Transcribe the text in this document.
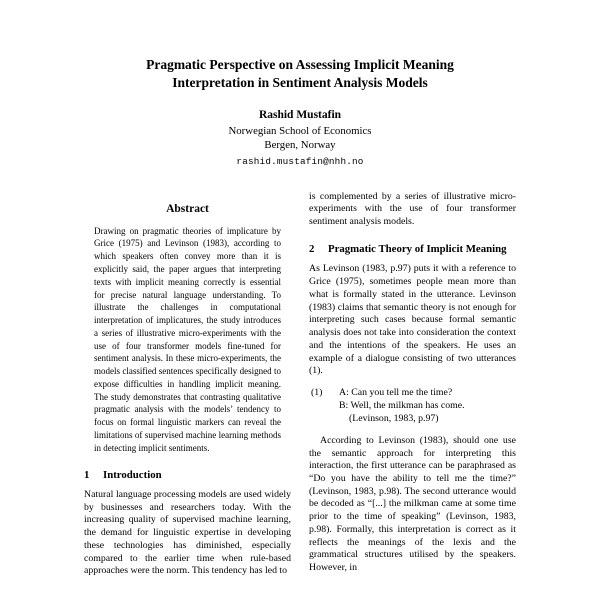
Pragmatic Perspective on Assessing Implicit Meaning Interpretation in Sentiment Analysis Models
Rashid Mustafin
Norwegian School of Economics
Bergen, Norway
rashid.mustafin@nhh.no
Abstract

Drawing on pragmatic theories of implicature by Grice (1975) and Levinson (1983), according to which speakers often convey more than it is explicitly said, the paper argues that interpreting texts with implicit meaning correctly is essential for precise natural language understanding. To illustrate the challenges in computational interpretation of implicatures, the study introduces a series of illustrative micro-experiments with the use of four transformer models fine-tuned for sentiment analysis. In these micro-experiments, the models classified sentences specifically designed to expose difficulties in handling implicit meaning. The study demonstrates that contrasting qualitative pragmatic analysis with the models’ tendency to focus on formal linguistic markers can reveal the limitations of supervised machine learning methods in detecting implicit sentiments.

1 Introduction

Natural language processing models are used widely by businesses and researchers today. With the increasing quality of supervised machine learning, the demand for linguistic expertise in developing these technologies has diminished, especially compared to the earlier time when rule-based approaches were the norm. This tendency has led to

is complemented by a series of illustrative micro-experiments with the use of four transformer sentiment analysis models.

2 Pragmatic Theory of Implicit Meaning

As Levinson (1983, p.97) puts it with a reference to Grice (1975), sometimes people mean more than what is formally stated in the utterance. Levinson (1983) claims that semantic theory is not enough for interpreting such cases because formal semantic analysis does not take into consideration the context and the intentions of the speakers. He uses an example of a dialogue consisting of two utterances (1).

(1)	A: Can you tell me the time?
B: Well, the milkman has come.
(Levinson, 1983, p.97)

According to Levinson (1983), should one use the semantic approach for interpreting this interaction, the first utterance can be paraphrased as “Do you have the ability to tell me the time?” (Levinson, 1983, p.98). The second utterance would be decoded as “[...] the milkman came at some time prior to the time of speaking” (Levinson, 1983, p.98). Formally, this interpretation is correct as it reflects the meanings of the lexis and the grammatical structures utilised by the speakers. However, in
